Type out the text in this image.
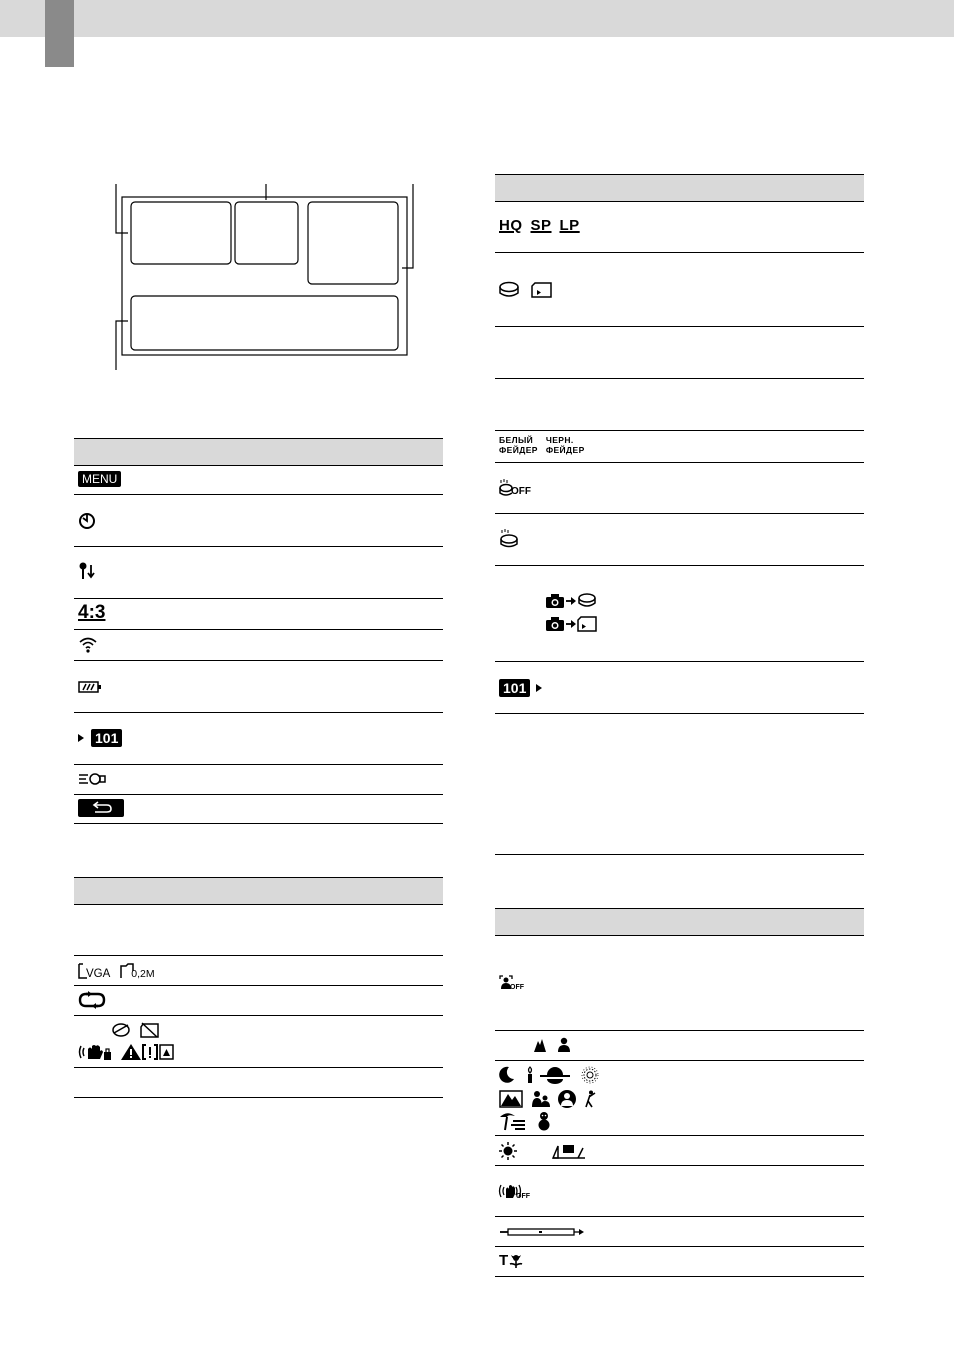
MENU
4:3
101
VGA 0,2M
HQ SP LP
БЕЛЫЙ
ФЕЙДЕР
ЧЕРН.
ФЕЙДЕР
OFF
101
OFF
OFF
T
